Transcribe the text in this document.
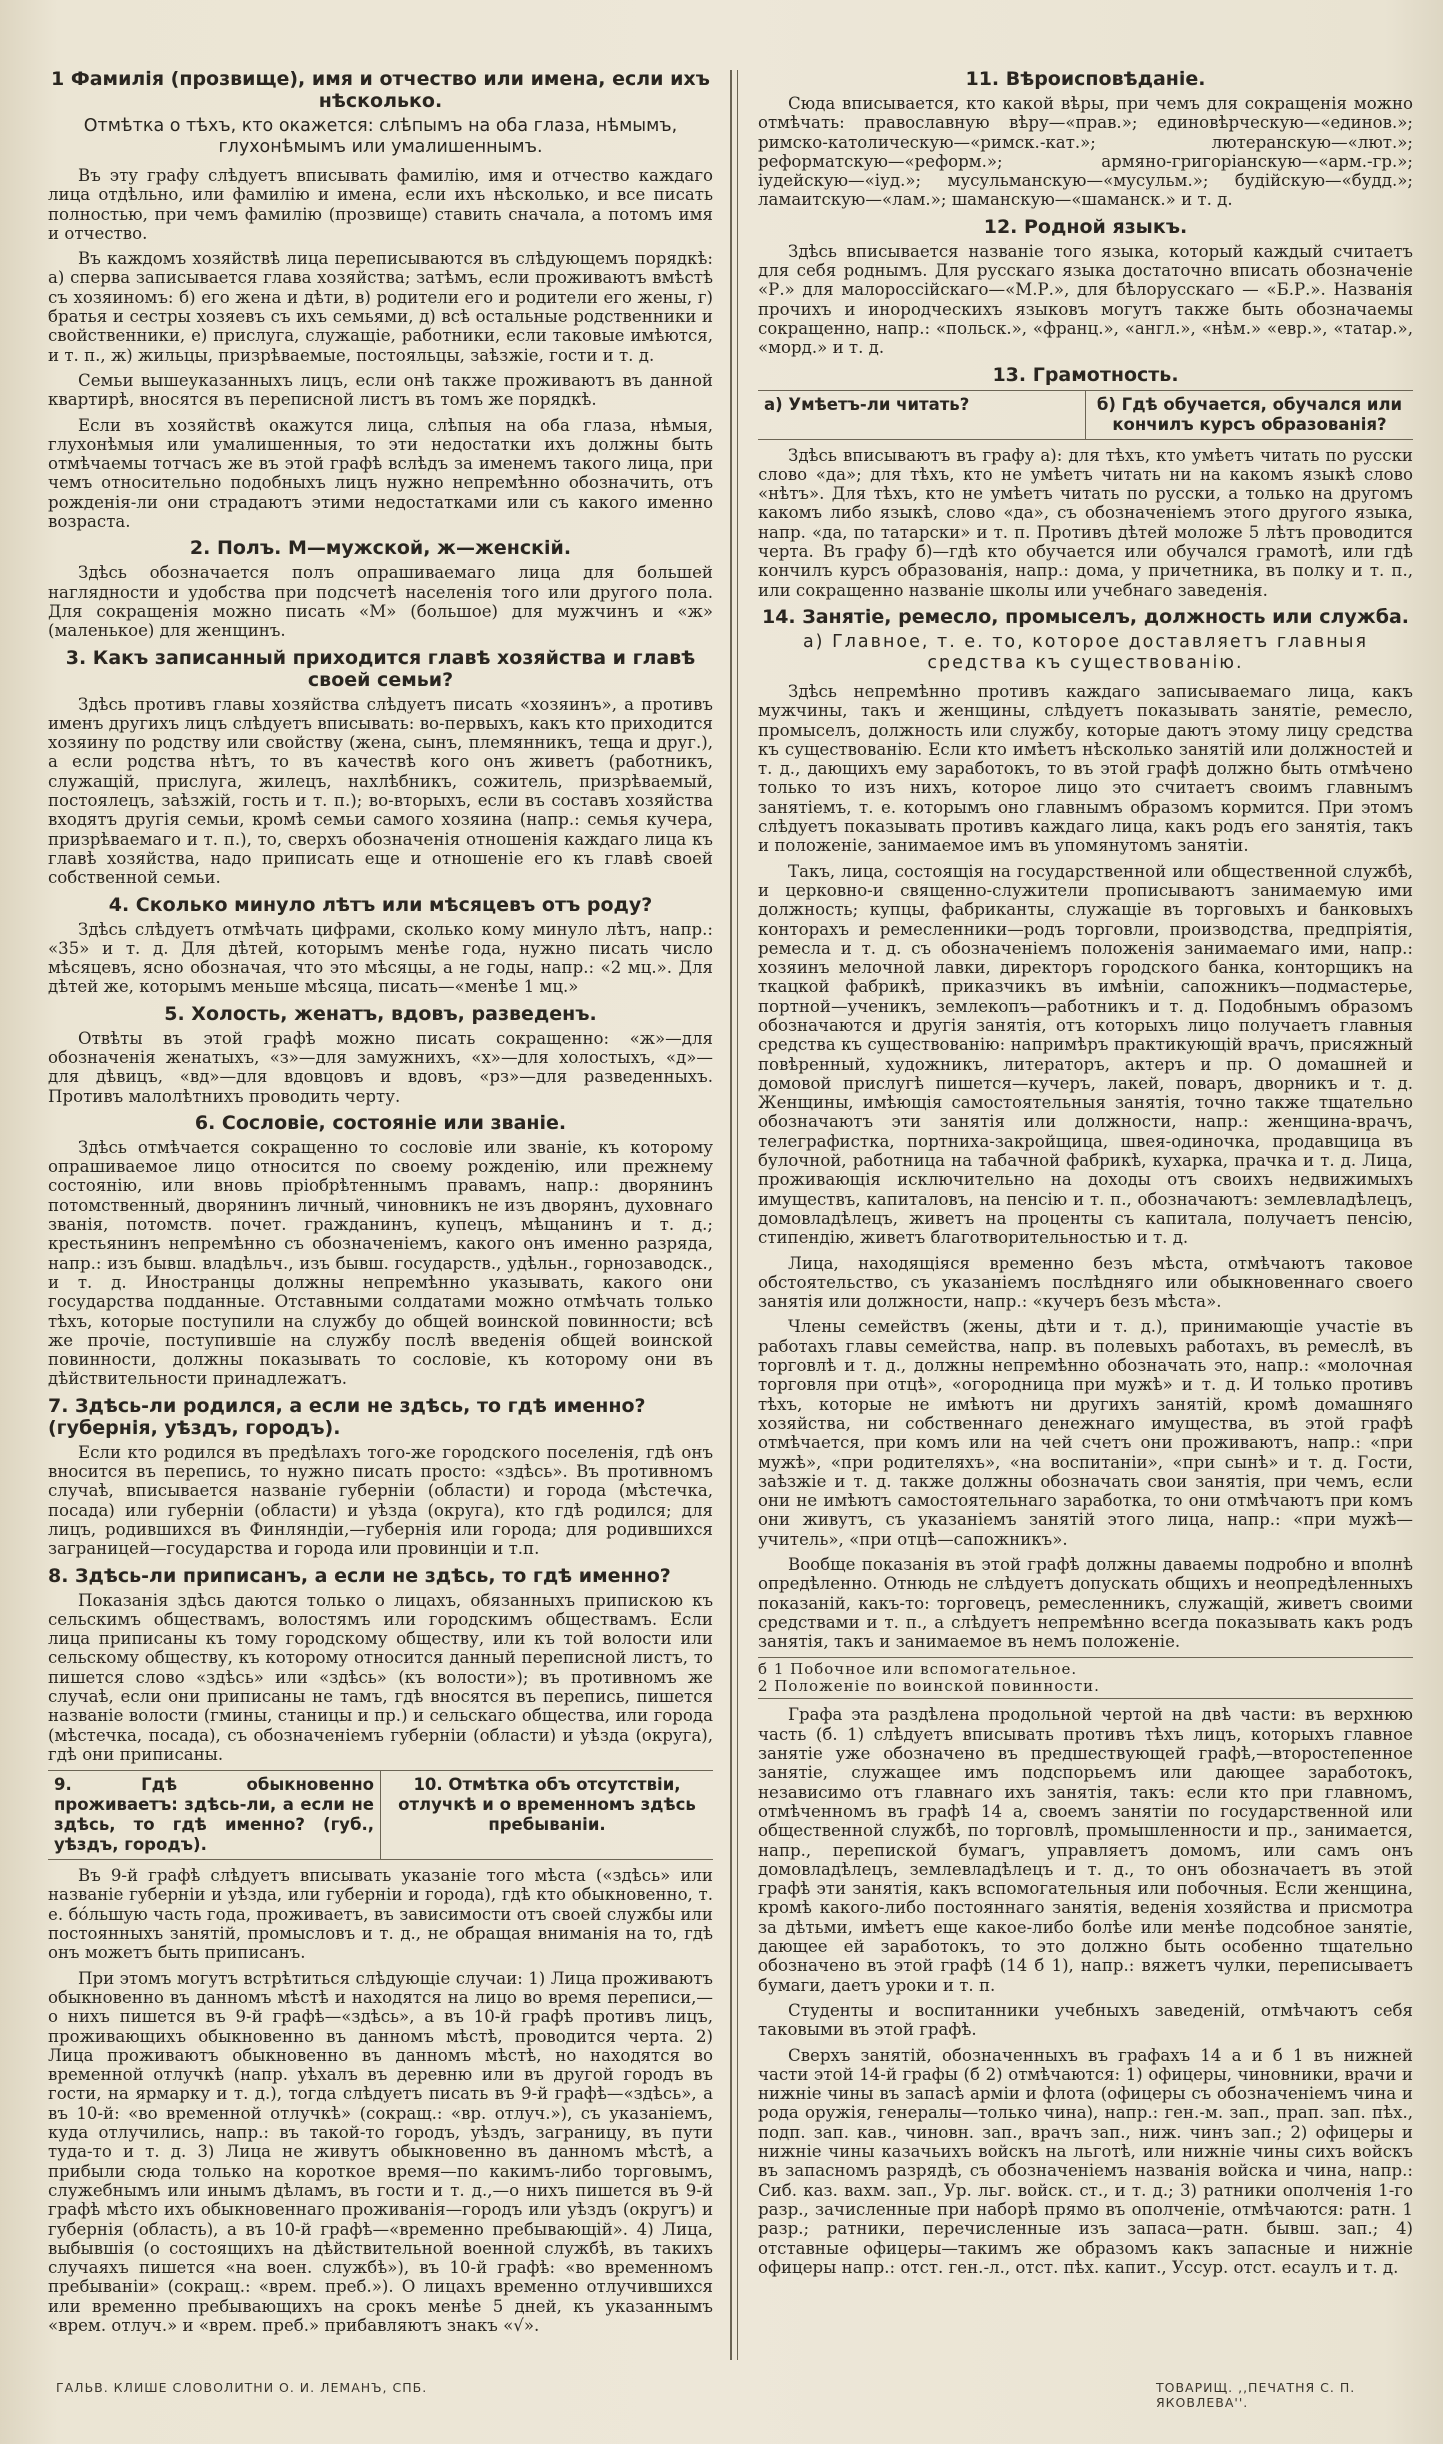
1 Фамилія (прозвище), имя и отчество или имена, если ихъ нѣсколько.
Отмѣтка о тѣхъ, кто окажется: слѣпымъ на оба глаза, нѣмымъ, глухонѣмымъ или умалишеннымъ.

Въ эту графу слѣдуетъ вписывать фамилію, имя и отчество каждаго лица отдѣльно, или фамилію и имена, если ихъ нѣсколько, и все писать полностью, при чемъ фамилію (прозвище) ставить сначала, а потомъ имя и отчество.

Въ каждомъ хозяйствѣ лица переписываются въ слѣдующемъ порядкѣ: а) сперва записывается глава хозяйства; затѣмъ, если проживаютъ вмѣстѣ съ хозяиномъ: б) его жена и дѣти, в) родители его и родители его жены, г) братья и сестры хозяевъ съ ихъ семьями, д) всѣ остальные родственники и свойственники, е) прислуга, служащіе, работники, если таковые имѣются, и т. п., ж) жильцы, призрѣваемые, постояльцы, заѣзжіе, гости и т. д.

Семьи вышеуказанныхъ лицъ, если онѣ также проживаютъ въ данной квартирѣ, вносятся въ переписной листъ въ томъ же порядкѣ.

Если въ хозяйствѣ окажутся лица, слѣпыя на оба глаза, нѣмыя, глухонѣмыя или умалишенныя, то эти недостатки ихъ должны быть отмѣчаемы тотчасъ же въ этой графѣ вслѣдъ за именемъ такого лица, при чемъ относительно подобныхъ лицъ нужно непремѣнно обозначить, отъ рожденія-ли они страдаютъ этими недостатками или съ какого именно возраста.

2. Полъ. М—мужской, ж—женскій.

Здѣсь обозначается полъ опрашиваемаго лица для большей наглядности и удобства при подсчетѣ населенія того или другого пола. Для сокращенія можно писать «М» (большое) для мужчинъ и «ж» (маленькое) для женщинъ.

3. Какъ записанный приходится главѣ хозяйства и главѣ своей семьи?

Здѣсь противъ главы хозяйства слѣдуетъ писать «хозяинъ», а противъ именъ другихъ лицъ слѣдуетъ вписывать: во-первыхъ, какъ кто приходится хозяину по родству или свойству (жена, сынъ, племянникъ, теща и друг.), а если родства нѣтъ, то въ качествѣ кого онъ живетъ (работникъ, служащій, прислуга, жилецъ, нахлѣбникъ, сожитель, призрѣваемый, постоялецъ, заѣзжій, гость и т. п.); во-вторыхъ, если въ составъ хозяйства входятъ другія семьи, кромѣ семьи самого хозяина (напр.: семья кучера, призрѣваемаго и т. п.), то, сверхъ обозначенія отношенія каждаго лица къ главѣ хозяйства, надо приписать еще и отношеніе его къ главѣ своей собственной семьи.

4. Сколько минуло лѣтъ или мѣсяцевъ отъ роду?

Здѣсь слѣдуетъ отмѣчать цифрами, сколько кому минуло лѣтъ, напр.: «35» и т. д. Для дѣтей, которымъ менѣе года, нужно писать число мѣсяцевъ, ясно обозначая, что это мѣсяцы, а не годы, напр.: «2 мц.». Для дѣтей же, которымъ меньше мѣсяца, писать—«менѣе 1 мц.»

5. Холость, женатъ, вдовъ, разведенъ.

Отвѣты въ этой графѣ можно писать сокращенно: «ж»—для обозначенія женатыхъ, «з»—для замужнихъ, «х»—для холостыхъ, «д»—для дѣвицъ, «вд»—для вдовцовъ и вдовъ, «рз»—для разведенныхъ. Противъ малолѣтнихъ проводить черту.

6. Сословіе, состояніе или званіе.

Здѣсь отмѣчается сокращенно то сословіе или званіе, къ которому опрашиваемое лицо относится по своему рожденію, или прежнему состоянію, или вновь пріобрѣтеннымъ правамъ, напр.: дворянинъ потомственный, дворянинъ личный, чиновникъ не изъ дворянъ, духовнаго званія, потомств. почет. гражданинъ, купецъ, мѣщанинъ и т. д.; крестьянинъ непремѣнно съ обозначеніемъ, какого онъ именно разряда, напр.: изъ бывш. владѣльч., изъ бывш. государств., удѣльн., горнозаводск., и т. д. Иностранцы должны непремѣнно указывать, какого они государства подданные. Отставными солдатами можно отмѣчать только тѣхъ, которые поступили на службу до общей воинской повинности; всѣ же прочіе, поступившіе на службу послѣ введенія общей воинской повинности, должны показывать то сословіе, къ которому они въ дѣйствительности принадлежатъ.

7. Здѣсь-ли родился, а если не здѣсь, то гдѣ именно? (губернія, уѣздъ, городъ).

Если кто родился въ предѣлахъ того-же городского поселенія, гдѣ онъ вносится въ перепись, то нужно писать просто: «здѣсь». Въ противномъ случаѣ, вписывается названіе губерніи (области) и города (мѣстечка, посада) или губерніи (области) и уѣзда (округа), кто гдѣ родился; для лицъ, родившихся въ Финляндіи,—губернія или города; для родившихся заграницей—государства и города или провинціи и т.п.

8. Здѣсь-ли приписанъ, а если не здѣсь, то гдѣ именно?

Показанія здѣсь даются только о лицахъ, обязанныхъ припискою къ сельскимъ обществамъ, волостямъ или городскимъ обществамъ. Если лица приписаны къ тому городскому обществу, или къ той волости или сельскому обществу, къ которому относится данный переписной листъ, то пишется слово «здѣсь» или «здѣсь» (къ волости»); въ противномъ же случаѣ, если они приписаны не тамъ, гдѣ вносятся въ перепись, пишется названіе волости (гмины, станицы и пр.) и сельскаго общества, или города (мѣстечка, посада), съ обозначеніемъ губерніи (области) и уѣзда (округа), гдѣ они приписаны.

9. Гдѣ обыкновенно проживаетъ: здѣсь-ли, а если не здѣсь, то гдѣ именно? (губ., уѣздъ, городъ).
10. Отмѣтка объ отсутствіи, отлучкѣ и о временномъ здѣсь пребываніи.

Въ 9-й графѣ слѣдуетъ вписывать указаніе того мѣста («здѣсь» или названіе губерніи и уѣзда, или губерніи и города), гдѣ кто обыкновенно, т. е. бóльшую часть года, проживаетъ, въ зависимости отъ своей службы или постоянныхъ занятій, промысловъ и т. д., не обращая вниманія на то, гдѣ онъ можетъ быть приписанъ.

При этомъ могутъ встрѣтиться слѣдующіе случаи: 1) Лица проживаютъ обыкновенно въ данномъ мѣстѣ и находятся на лицо во время переписи,—о нихъ пишется въ 9-й графѣ—«здѣсь», а въ 10-й графѣ противъ лицъ, проживающихъ обыкновенно въ данномъ мѣстѣ, проводится черта. 2) Лица проживаютъ обыкновенно въ данномъ мѣстѣ, но находятся во временной отлучкѣ (напр. уѣхалъ въ деревню или въ другой городъ въ гости, на ярмарку и т. д.), тогда слѣдуетъ писать въ 9-й графѣ—«здѣсь», а въ 10-й: «во временной отлучкѣ» (сокращ.: «вр. отлуч.»), съ указаніемъ, куда отлучились, напр.: въ такой-то городъ, уѣздъ, заграницу, въ пути туда-то и т. д. 3) Лица не живутъ обыкновенно въ данномъ мѣстѣ, а прибыли сюда только на короткое время—по какимъ-либо торговымъ, служебнымъ или инымъ дѣламъ, въ гости и т. д.,—о нихъ пишется въ 9-й графѣ мѣсто ихъ обыкновеннаго проживанія—городъ или уѣздъ (округъ) и губернія (область), а въ 10-й графѣ—«временно пребывающій». 4) Лица, выбывшія (о состоящихъ на дѣйствительной военной службѣ, въ такихъ случаяхъ пишется «на воен. службѣ»), въ 10-й графѣ: «во временномъ пребываніи» (сокращ.: «врем. преб.»). О лицахъ временно отлучившихся или временно пребывающихъ на срокъ менѣе 5 дней, къ указаннымъ «врем. отлуч.» и «врем. преб.» прибавляютъ знакъ «√».

11. Вѣроисповѣданіе.

Сюда вписывается, кто какой вѣры, при чемъ для сокращенія можно отмѣчать: православную вѣру—«прав.»; единовѣрческую—«единов.»; римско-католическую—«римск.-кат.»; лютеранскую—«лют.»; реформатскую—«реформ.»; армяно-григоріанскую—«арм.-гр.»; іудейскую—«іуд.»; мусульманскую—«мусульм.»; будійскую—«будд.»; ламаитскую—«лам.»; шаманскую—«шаманск.» и т. д.

12. Родной языкъ.

Здѣсь вписывается названіе того языка, который каждый считаетъ для себя роднымъ. Для русскаго языка достаточно вписать обозначеніе «Р.» для малороссійскаго—«М.Р.», для бѣлорусскаго — «Б.Р.». Названія прочихъ и инородческихъ языковъ могутъ также быть обозначаемы сокращенно, напр.: «польск.», «франц.», «англ.», «нѣм.» «евр.», «татар.», «морд.» и т. д.

13. Грамотность.
а) Умѣетъ-ли читать?	б) Гдѣ обучается, обучался или кончилъ курсъ образованія?

Здѣсь вписываютъ въ графу а): для тѣхъ, кто умѣетъ читать по русски слово «да»; для тѣхъ, кто не умѣетъ читать ни на какомъ языкѣ слово «нѣтъ». Для тѣхъ, кто не умѣетъ читать по русски, а только на другомъ какомъ либо языкѣ, слово «да», съ обозначеніемъ этого другого языка, напр. «да, по татарски» и т. п. Противъ дѣтей моложе 5 лѣтъ проводится черта. Въ графу б)—гдѣ кто обучается или обучался грамотѣ, или гдѣ кончилъ курсъ образованія, напр.: дома, у причетника, въ полку и т. п., или сокращенно названіе школы или учебнаго заведенія.

14. Занятіе, ремесло, промыселъ, должность или служба.
а) Главное, т. е. то, которое доставляетъ главныя средства къ существованію.

Здѣсь непремѣнно противъ каждаго записываемаго лица, какъ мужчины, такъ и женщины, слѣдуетъ показывать занятіе, ремесло, промыселъ, должность или службу, которые даютъ этому лицу средства къ существованію. Если кто имѣетъ нѣсколько занятій или должностей и т. д., дающихъ ему заработокъ, то въ этой графѣ должно быть отмѣчено только то изъ нихъ, которое лицо это считаетъ своимъ главнымъ занятіемъ, т. е. которымъ оно главнымъ образомъ кормится. При этомъ слѣдуетъ показывать противъ каждаго лица, какъ родъ его занятія, такъ и положеніе, занимаемое имъ въ упомянутомъ занятіи.

Такъ, лица, состоящія на государственной или общественной службѣ, и церковно-и священно-служители прописываютъ занимаемую ими должность; купцы, фабриканты, служащіе въ торговыхъ и банковыхъ конторахъ и ремесленники—родъ торговли, производства, предпріятія, ремесла и т. д. съ обозначеніемъ положенія занимаемаго ими, напр.: хозяинъ мелочной лавки, директоръ городского банка, конторщикъ на ткацкой фабрикѣ, приказчикъ въ имѣніи, сапожникъ—подмастерье, портной—ученикъ, землекопъ—работникъ и т. д. Подобнымъ образомъ обозначаются и другія занятія, отъ которыхъ лицо получаетъ главныя средства къ существованію: напримѣръ практикующій врачъ, присяжный повѣренный, художникъ, литераторъ, актеръ и пр. О домашней и домовой прислугѣ пишется—кучеръ, лакей, поваръ, дворникъ и т. д. Женщины, имѣющія самостоятельныя занятія, точно также тщательно обозначаютъ эти занятія или должности, напр.: женщина-врачъ, телеграфистка, портниха-закройщица, швея-одиночка, продавщица въ булочной, работница на табачной фабрикѣ, кухарка, прачка и т. д. Лица, проживающія исключительно на доходы отъ своихъ недвижимыхъ имуществъ, капиталовъ, на пенсію и т. п., обозначаютъ: землевладѣлецъ, домовладѣлецъ, живетъ на проценты съ капитала, получаетъ пенсію, стипендію, живетъ благотворительностью и т. д.

Лица, находящіяся временно безъ мѣста, отмѣчаютъ таковое обстоятельство, съ указаніемъ послѣдняго или обыкновеннаго своего занятія или должности, напр.: «кучеръ безъ мѣста».

Члены семействъ (жены, дѣти и т. д.), принимающіе участіе въ работахъ главы семейства, напр. въ полевыхъ работахъ, въ ремеслѣ, въ торговлѣ и т. д., должны непремѣнно обозначать это, напр.: «молочная торговля при отцѣ», «огородница при мужѣ» и т. д. И только противъ тѣхъ, которые не имѣютъ ни другихъ занятій, кромѣ домашняго хозяйства, ни собственнаго денежнаго имущества, въ этой графѣ отмѣчается, при комъ или на чей счетъ они проживаютъ, напр.: «при мужѣ», «при родителяхъ», «на воспитаніи», «при сынѣ» и т. д. Гости, заѣзжіе и т. д. также должны обозначать свои занятія, при чемъ, если они не имѣютъ самостоятельнаго заработка, то они отмѣчаютъ при комъ они живутъ, съ указаніемъ занятій этого лица, напр.: «при мужѣ—учитель», «при отцѣ—сапожникъ».

Вообще показанія въ этой графѣ должны даваемы подробно и вполнѣ опредѣленно. Отнюдь не слѣдуетъ допускать общихъ и неопредѣленныхъ показаній, какъ-то: торговецъ, ремесленникъ, служащій, живетъ своими средствами и т. п., а слѣдуетъ непремѣнно всегда показывать какъ родъ занятія, такъ и занимаемое въ немъ положеніе.

б 1 Побочное или вспомогательное.
2 Положеніе по воинской повинности.

Графа эта раздѣлена продольной чертой на двѣ части: въ верхнюю часть (б. 1) слѣдуетъ вписывать противъ тѣхъ лицъ, которыхъ главное занятіе уже обозначено въ предшествующей графѣ,—второстепенное занятіе, служащее имъ подспорьемъ или дающее заработокъ, независимо отъ главнаго ихъ занятія, такъ: если кто при главномъ, отмѣченномъ въ графѣ 14 а, своемъ занятіи по государственной или общественной службѣ, по торговлѣ, промышленности и пр., занимается, напр., перепиской бумагъ, управляетъ домомъ, или самъ онъ домовладѣлецъ, землевладѣлецъ и т. д., то онъ обозначаетъ въ этой графѣ эти занятія, какъ вспомогательныя или побочныя. Если женщина, кромѣ какого-либо постояннаго занятія, веденія хозяйства и присмотра за дѣтьми, имѣетъ еще какое-либо болѣе или менѣе подсобное занятіе, дающее ей заработокъ, то это должно быть особенно тщательно обозначено въ этой графѣ (14 б 1), напр.: вяжетъ чулки, переписываетъ бумаги, даетъ уроки и т. п.

Студенты и воспитанники учебныхъ заведеній, отмѣчаютъ себя таковыми въ этой графѣ.

Сверхъ занятій, обозначенныхъ въ графахъ 14 а и б 1 въ нижней части этой 14-й графы (б 2) отмѣчаются: 1) офицеры, чиновники, врачи и нижніе чины въ запасѣ арміи и флота (офицеры съ обозначеніемъ чина и рода оружія, генералы—только чина), напр.: ген.-м. зап., прап. зап. пѣх., подп. зап. кав., чиновн. зап., врачъ зап., ниж. чинъ зап.; 2) офицеры и нижніе чины казачьихъ войскъ на льготѣ, или нижніе чины сихъ войскъ въ запасномъ разрядѣ, съ обозначеніемъ названія войска и чина, напр.: Сиб. каз. вахм. зап., Ур. льг. войск. ст., и т. д.; 3) ратники ополченія 1-го разр., зачисленные при наборѣ прямо въ ополченіе, отмѣчаются: ратн. 1 разр.; ратники, перечисленные изъ запаса—ратн. бывш. зап.; 4) отставные офицеры—такимъ же образомъ какъ запасные и нижніе офицеры напр.: отст. ген.-л., отст. пѣх. капит., Уссур. отст. есаулъ и т. д.

ГАЛЬВ. КЛИШЕ СЛОВОЛИТНИ О. И. ЛЕМАНЪ, СПБ.	ТОВАРИЩ. ,,ПЕЧАТНЯ С. П. ЯКОВЛЕВА''.
